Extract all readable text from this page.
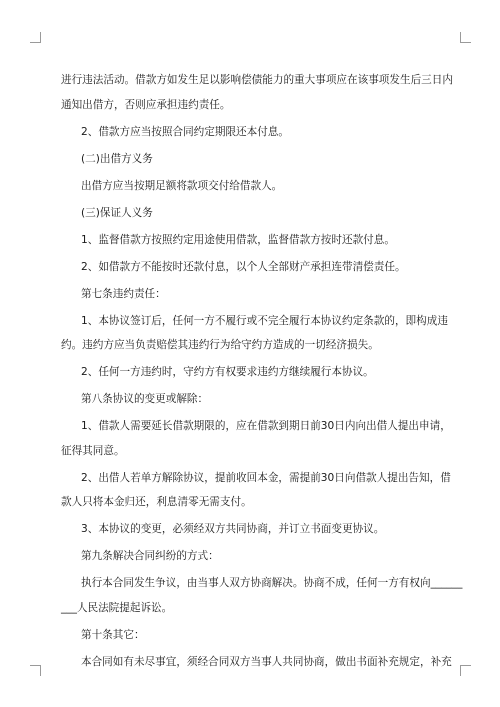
进行违法活动。借款方如发生足以影响偿债能力的重大事项应在该事项发生后三日内

通知出借方，否则应承担违约责任。

2、借款方应当按照合同约定期限还本付息。

(二)出借方义务

出借方应当按期足额将款项交付给借款人。

(三)保证人义务

1、监督借款方按照约定用途使用借款，监督借款方按时还款付息。

2、如借款方不能按时还款付息，以个人全部财产承担连带清偿责任。

第七条违约责任：

1、本协议签订后，任何一方不履行或不完全履行本协议约定条款的，即构成违

约。违约方应当负责赔偿其违约行为给守约方造成的一切经济损失。

2、任何一方违约时，守约方有权要求违约方继续履行本协议。

第八条协议的变更或解除：

1、借款人需要延长借款期限的，应在借款到期日前30日内向出借人提出申请，

征得其同意。

2、出借人若单方解除协议，提前收回本金，需提前30日向借款人提出告知，借

款人只将本金归还，利息清零无需支付。

3、本协议的变更，必须经双方共同协商，并订立书面变更协议。

第九条解决合同纠纷的方式：

执行本合同发生争议，由当事人双方协商解决。协商不成，任何一方有权向______

___人民法院提起诉讼。

第十条其它：

本合同如有未尽事宜，须经合同双方当事人共同协商，做出书面补充规定，补充
